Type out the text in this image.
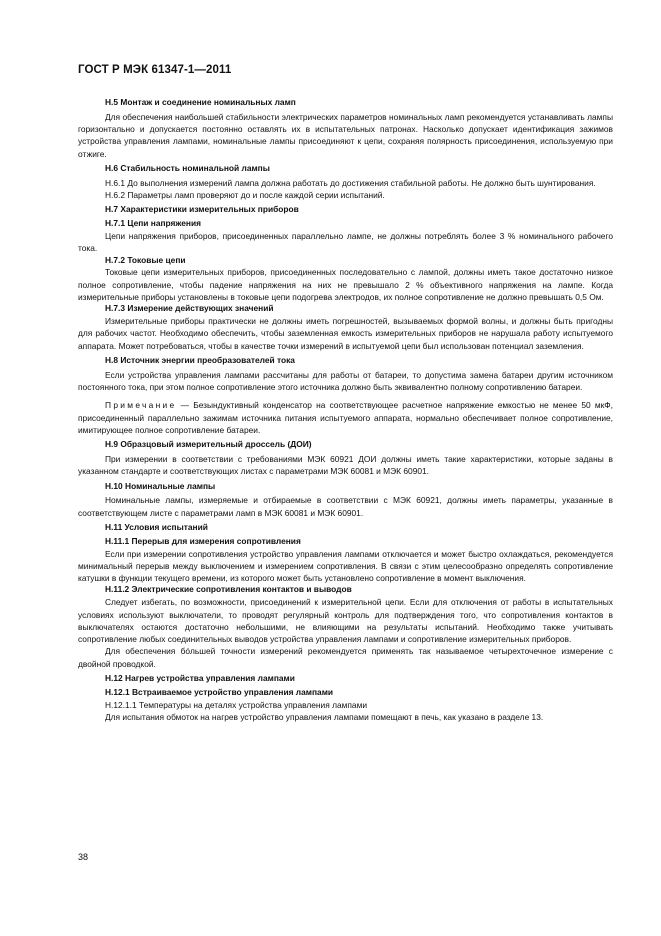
ГОСТ Р МЭК 61347-1—2011
Н.5 Монтаж и соединение номинальных ламп

Для обеспечения наибольшей стабильности электрических параметров номинальных ламп рекомендуется устанавливать лампы горизонтально и допускается постоянно оставлять их в испытательных патронах. Насколько допускает идентификация зажимов устройства управления лампами, номинальные лампы присоединяют к цепи, сохраняя полярность присоединения, используемую при отжиге.

Н.6 Стабильность номинальной лампы

Н.6.1 До выполнения измерений лампа должна работать до достижения стабильной работы. Не должно быть шунтирования.

Н.6.2 Параметры ламп проверяют до и после каждой серии испытаний.

Н.7 Характеристики измерительных приборов
Н.7.1 Цепи напряжения

Цепи напряжения приборов, присоединенных параллельно лампе, не должны потреблять более 3 % номинального рабочего тока.

Н.7.2 Токовые цепи

Токовые цепи измерительных приборов, присоединенных последовательно с лампой, должны иметь такое достаточно низкое полное сопротивление, чтобы падение напряжения на них не превышало 2 % объективного напряжения на лампе. Когда измерительные приборы установлены в токовые цепи подогрева электродов, их полное сопротивление не должно превышать 0,5 Ом.

Н.7.3 Измерение действующих значений

Измерительные приборы практически не должны иметь погрешностей, вызываемых формой волны, и должны быть пригодны для рабочих частот. Необходимо обеспечить, чтобы заземленная емкость измерительных приборов не нарушала работу испытуемого аппарата. Может потребоваться, чтобы в качестве точки измерений в испытуемой цепи был использован потенциал заземления.

Н.8 Источник энергии преобразователей тока

Если устройства управления лампами рассчитаны для работы от батареи, то допустима замена батареи другим источником постоянного тока, при этом полное сопротивление этого источника должно быть эквивалентно полному сопротивлению батареи.

Примечание — Безындуктивный конденсатор на соответствующее расчетное напряжение емкостью не менее 50 мкФ, присоединенный параллельно зажимам источника питания испытуемого аппарата, нормально обеспечивает полное сопротивление, имитирующее полное сопротивление батареи.

Н.9 Образцовый измерительный дроссель (ДОИ)

При измерении в соответствии с требованиями МЭК 60921 ДОИ должны иметь такие характеристики, которые заданы в указанном стандарте и соответствующих листах с параметрами МЭК 60081 и МЭК 60901.

Н.10 Номинальные лампы

Номинальные лампы, измеряемые и отбираемые в соответствии с МЭК 60921, должны иметь параметры, указанные в соответствующем листе с параметрами ламп в МЭК 60081 и МЭК 60901.

Н.11 Условия испытаний
Н.11.1 Перерыв для измерения сопротивления

Если при измерении сопротивления устройство управления лампами отключается и может быстро охлаждаться, рекомендуется минимальный перерыв между выключением и измерением сопротивления. В связи с этим целесообразно определять сопротивление катушки в функции текущего времени, из которого может быть установлено сопротивление в момент выключения.

Н.11.2 Электрические сопротивления контактов и выводов

Следует избегать, по возможности, присоединений к измерительной цепи. Если для отключения от работы в испытательных условиях используют выключатели, то проводят регулярный контроль для подтверждения того, что сопротивления контактов в выключателях остаются достаточно небольшими, не влияющими на результаты испытаний. Необходимо также учитывать сопротивление любых соединительных выводов устройства управления лампами и сопротивление измерительных приборов.

Для обеспечения бóльшей точности измерений рекомендуется применять так называемое четырехточечное измерение с двойной проводкой.

Н.12 Нагрев устройства управления лампами
Н.12.1 Встраиваемое устройство управления лампами

Н.12.1.1 Температуры на деталях устройства управления лампами

Для испытания обмоток на нагрев устройство управления лампами помещают в печь, как указано в разделе 13.

38
